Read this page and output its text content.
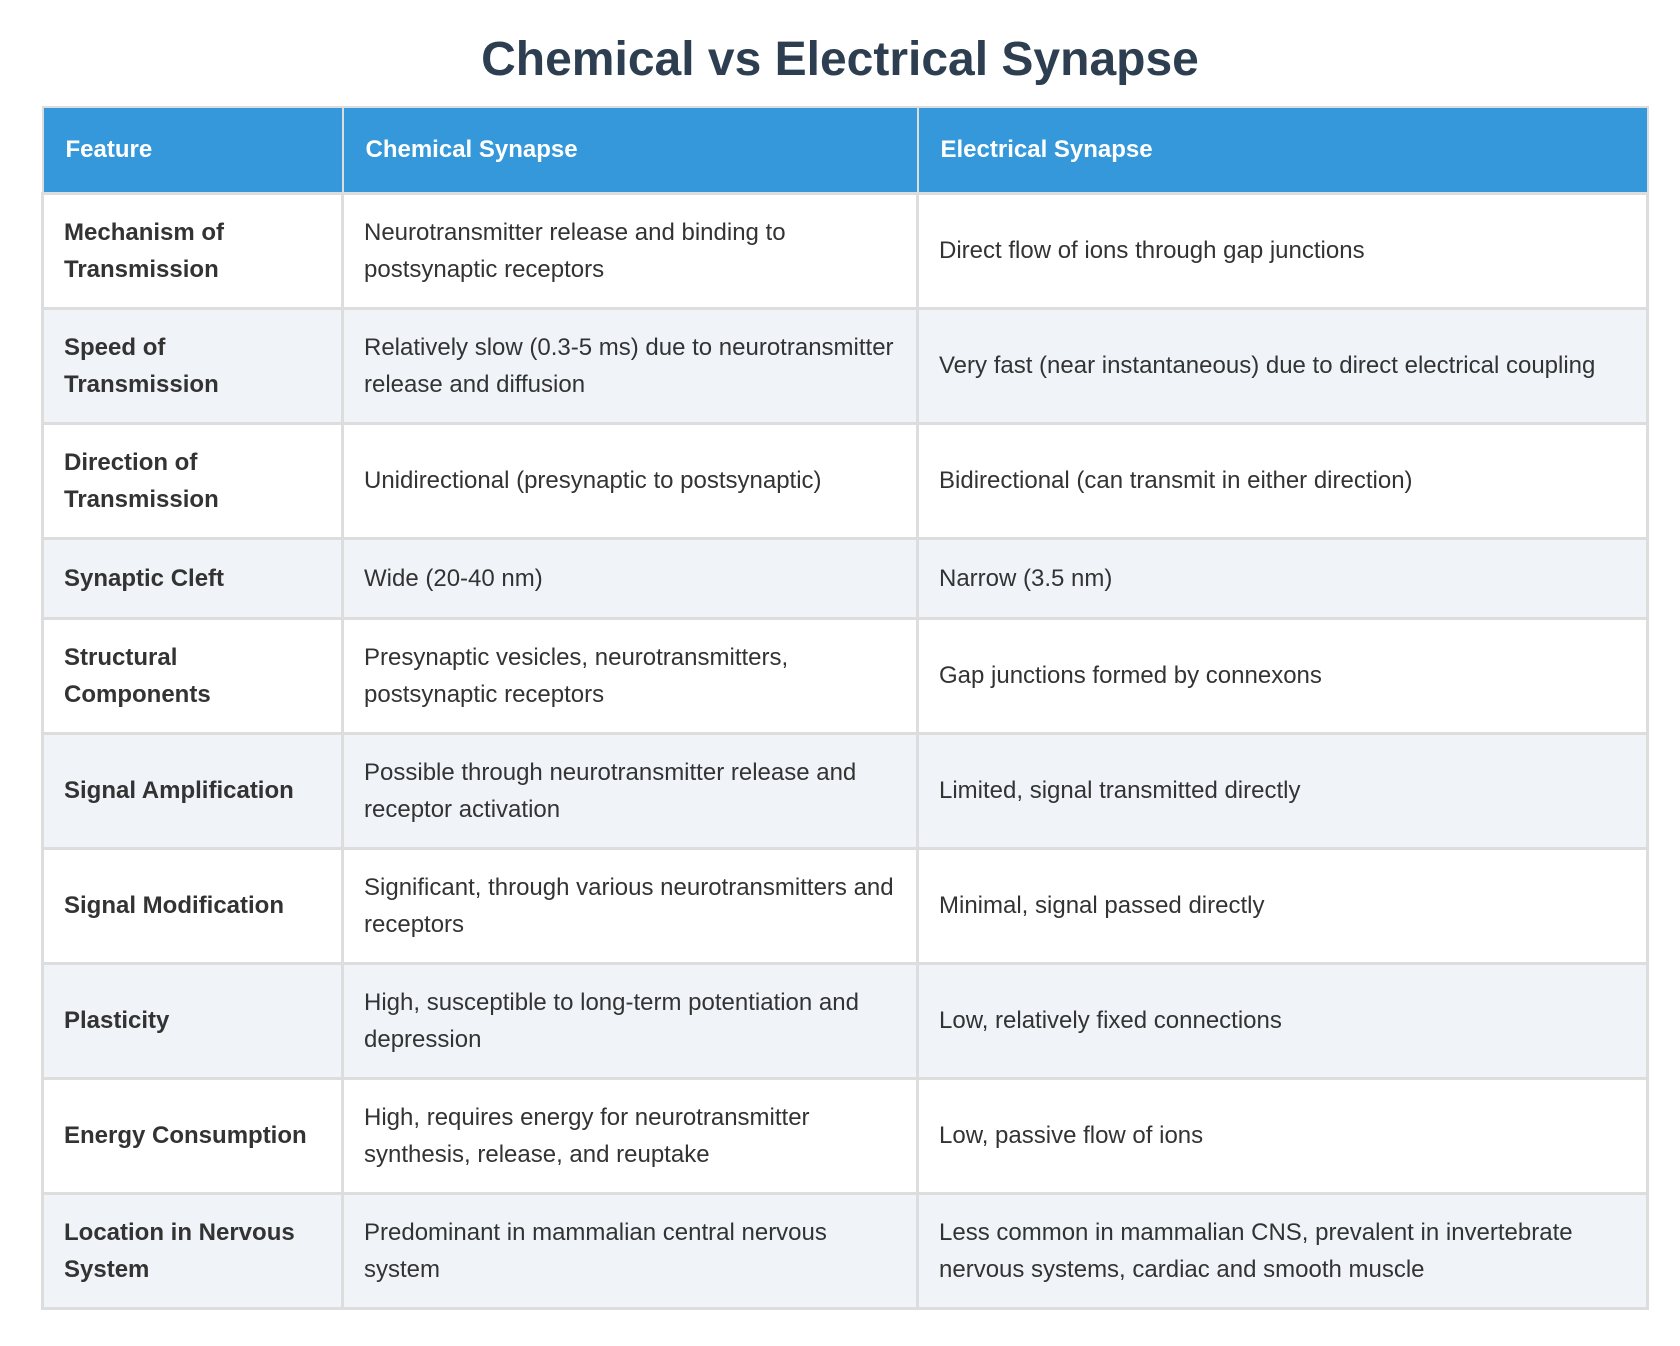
Chemical vs Electrical Synapse
Feature	Chemical Synapse	Electrical Synapse
Mechanism of Transmission	Neurotransmitter release and binding to postsynaptic receptors	Direct flow of ions through gap junctions
Speed of Transmission	Relatively slow (0.3-5 ms) due to neurotransmitter release and diffusion	Very fast (near instantaneous) due to direct electrical coupling
Direction of Transmission	Unidirectional (presynaptic to postsynaptic)	Bidirectional (can transmit in either direction)
Synaptic Cleft	Wide (20-40 nm)	Narrow (3.5 nm)
Structural Components	Presynaptic vesicles, neurotransmitters, postsynaptic receptors	Gap junctions formed by connexons
Signal Amplification	Possible through neurotransmitter release and receptor activation	Limited, signal transmitted directly
Signal Modification	Significant, through various neurotransmitters and receptors	Minimal, signal passed directly
Plasticity	High, susceptible to long-term potentiation and depression	Low, relatively fixed connections
Energy Consumption	High, requires energy for neurotransmitter synthesis, release, and reuptake	Low, passive flow of ions
Location in Nervous System	Predominant in mammalian central nervous system	Less common in mammalian CNS, prevalent in invertebrate nervous systems, cardiac and smooth muscle
